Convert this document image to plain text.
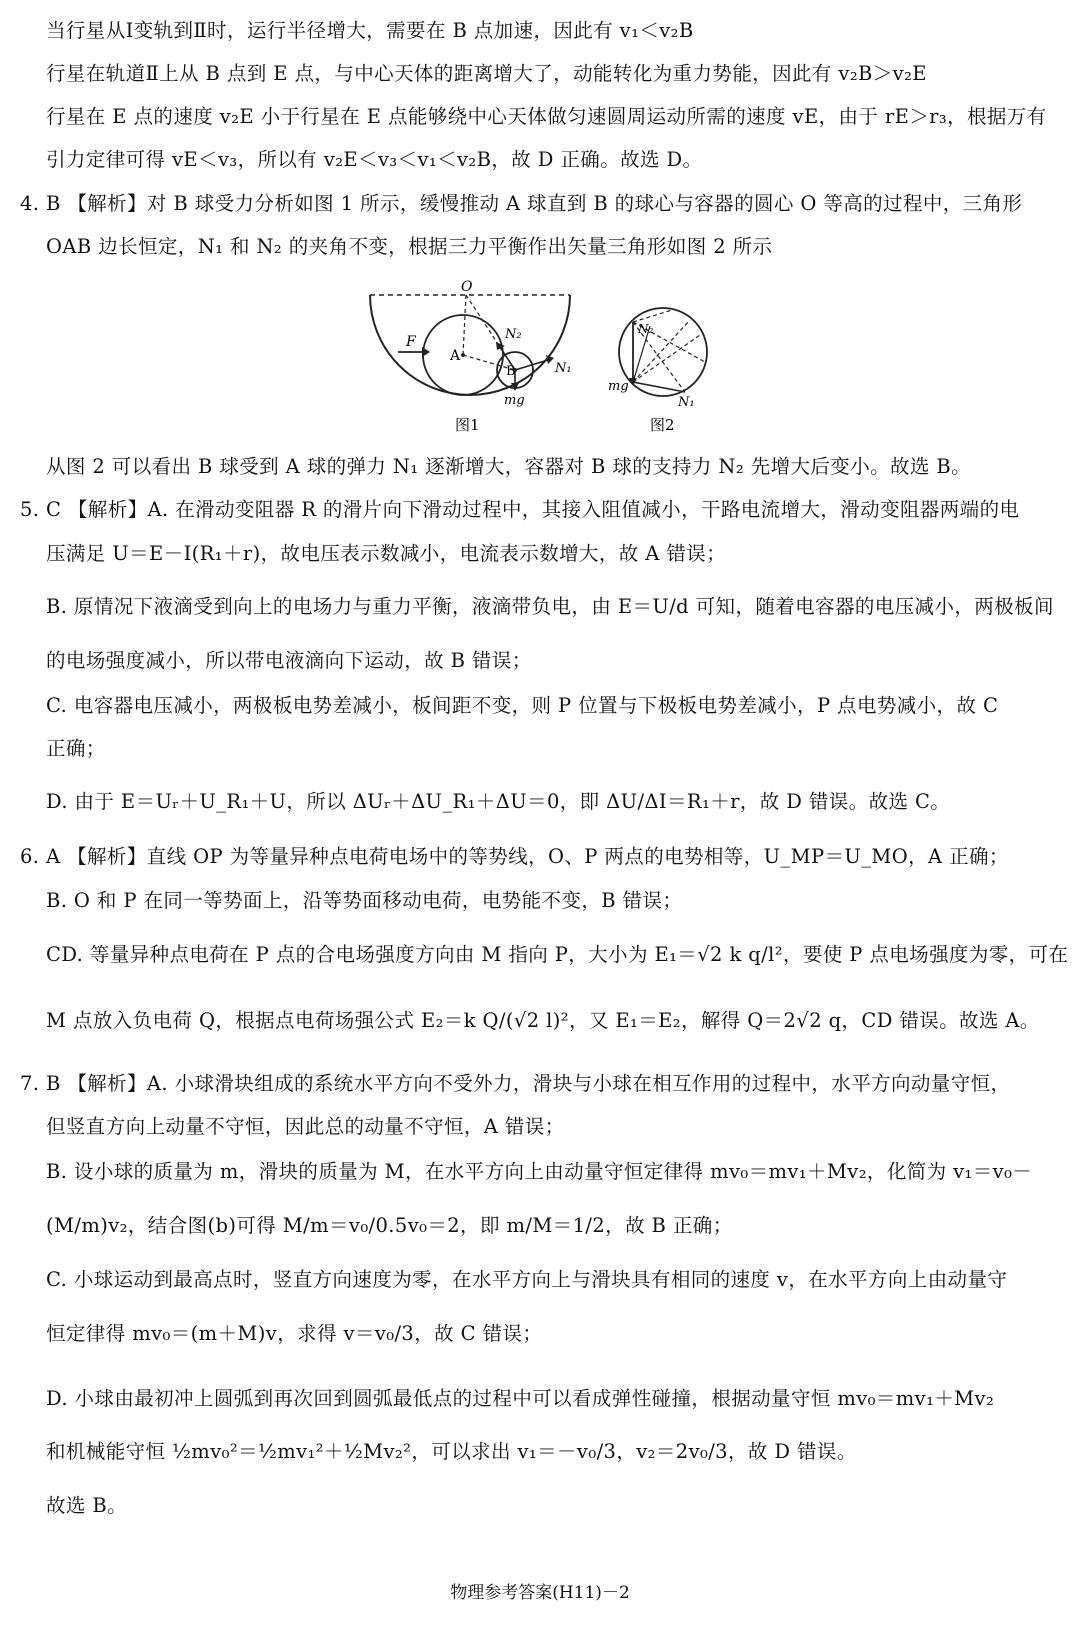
当行星从Ⅰ变轨到Ⅱ时，运行半径增大，需要在 B 点加速，因此有 v₁＜v₂B
行星在轨道Ⅱ上从 B 点到 E 点，与中心天体的距离增大了，动能转化为重力势能，因此有 v₂B＞v₂E
行星在 E 点的速度 v₂E 小于行星在 E 点能够绕中心天体做匀速圆周运动所需的速度 vE，由于 rE＞r₃，根据万有
引力定律可得 vE＜v₃，所以有 v₂E＜v₃＜v₁＜v₂B，故 D 正确。故选 D。
4. B 【解析】对 B 球受力分析如图 1 所示，缓慢推动 A 球直到 B 的球心与容器的圆心 O 等高的过程中，三角形
OAB 边长恒定，N₁ 和 N₂ 的夹角不变，根据三力平衡作出矢量三角形如图 2 所示
O
F
A
B
N₂
N₁
mg
图1
N₂
mg
N₁
图2
从图 2 可以看出 B 球受到 A 球的弹力 N₁ 逐渐增大，容器对 B 球的支持力 N₂ 先增大后变小。故选 B。
5. C 【解析】A. 在滑动变阻器 R 的滑片向下滑动过程中，其接入阻值减小，干路电流增大，滑动变阻器两端的电
压满足 U＝E－I(R₁＋r)，故电压表示数减小，电流表示数增大，故 A 错误；
B. 原情况下液滴受到向上的电场力与重力平衡，液滴带负电，由 E＝U/d 可知，随着电容器的电压减小，两极板间
的电场强度减小，所以带电液滴向下运动，故 B 错误；
C. 电容器电压减小，两极板电势差减小，板间距不变，则 P 位置与下极板电势差减小，P 点电势减小，故 C
正确；
D. 由于 E＝Uᵣ＋U_R₁＋U，所以 ΔUᵣ＋ΔU_R₁＋ΔU＝0，即 ΔU/ΔI＝R₁＋r，故 D 错误。故选 C。
6. A 【解析】直线 OP 为等量异种点电荷电场中的等势线，O、P 两点的电势相等，U_MP＝U_MO，A 正确；
B. O 和 P 在同一等势面上，沿等势面移动电荷，电势能不变，B 错误；
CD. 等量异种点电荷在 P 点的合电场强度方向由 M 指向 P，大小为 E₁＝√2 k q/l²，要使 P 点电场强度为零，可在
M 点放入负电荷 Q，根据点电荷场强公式 E₂＝k Q/(√2 l)²，又 E₁＝E₂，解得 Q＝2√2 q，CD 错误。故选 A。
7. B 【解析】A. 小球滑块组成的系统水平方向不受外力，滑块与小球在相互作用的过程中，水平方向动量守恒，
但竖直方向上动量不守恒，因此总的动量不守恒，A 错误；
B. 设小球的质量为 m，滑块的质量为 M，在水平方向上由动量守恒定律得 mv₀＝mv₁＋Mv₂，化简为 v₁＝v₀－
(M/m)v₂，结合图(b)可得 M/m＝v₀/0.5v₀＝2，即 m/M＝1/2，故 B 正确；
C. 小球运动到最高点时，竖直方向速度为零，在水平方向上与滑块具有相同的速度 v，在水平方向上由动量守
恒定律得 mv₀＝(m＋M)v，求得 v＝v₀/3，故 C 错误；
D. 小球由最初冲上圆弧到再次回到圆弧最低点的过程中可以看成弹性碰撞，根据动量守恒 mv₀＝mv₁＋Mv₂
和机械能守恒 ½mv₀²＝½mv₁²＋½Mv₂²，可以求出 v₁＝－v₀/3，v₂＝2v₀/3，故 D 错误。
故选 B。
物理参考答案(H11)－2
